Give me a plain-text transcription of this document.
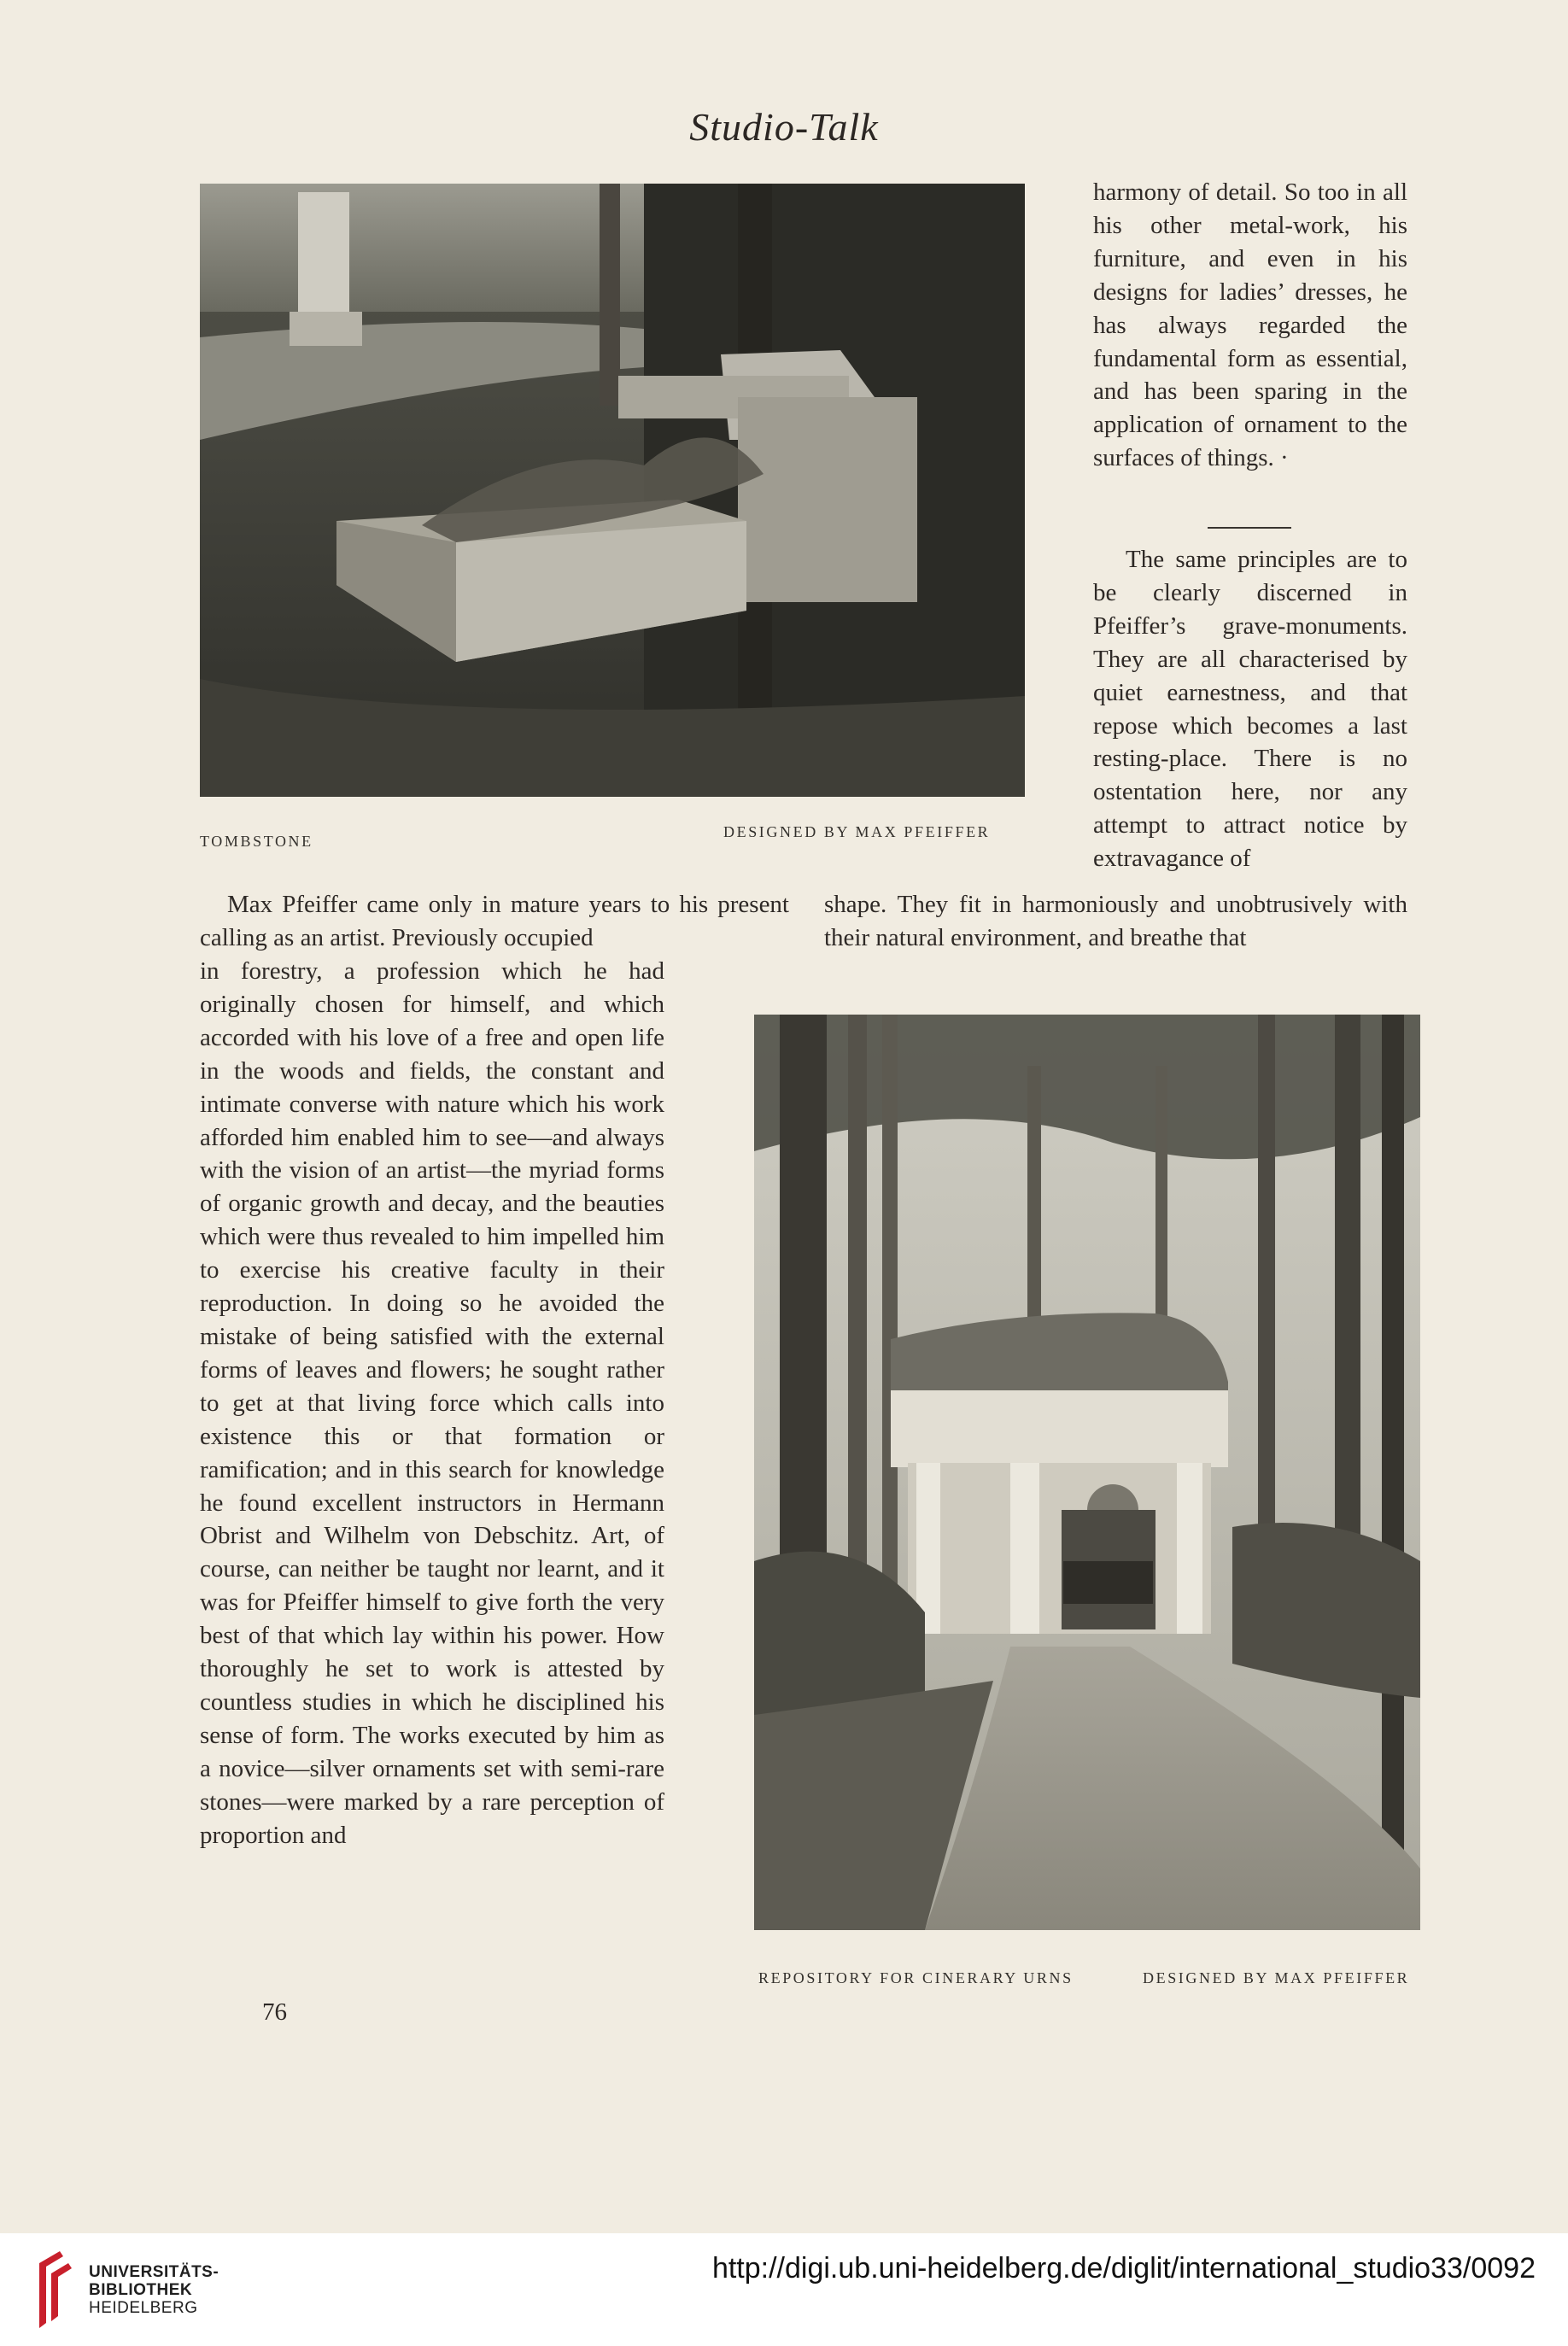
Studio-Talk
TOMBSTONE
DESIGNED BY MAX PFEIFFER

harmony of detail. So too in all his other metal-work, his furniture, and even in his designs for ladies’ dresses, he has always regarded the fundamental form as essential, and has been sparing in the application of ornament to the surfaces of things. ·

The same principles are to be clearly discerned in Pfeiffer’s grave-monuments. They are all characterised by quiet earnestness, and that repose which becomes a last resting-place. There is no ostentation here, nor any attempt to attract notice by extravagance of

Max Pfeiffer came only in mature years to his present calling as an artist. Previously occupied

shape. They fit in harmoniously and unobtrusively with their natural environment, and breathe that

in forestry, a profession which he had originally chosen for himself, and which accorded with his love of a free and open life in the woods and fields, the constant and intimate converse with nature which his work afforded him enabled him to see—and always with the vision of an artist—the myriad forms of organic growth and decay, and the beauties which were thus revealed to him impelled him to exercise his creative faculty in their reproduction. In doing so he avoided the mistake of being satisfied with the external forms of leaves and flowers; he sought rather to get at that living force which calls into existence this or that formation or ramification; and in this search for knowledge he found excellent instructors in Hermann Obrist and Wilhelm von Debschitz. Art, of course, can neither be taught nor learnt, and it was for Pfeiffer himself to give forth the very best of that which lay within his power. How thoroughly he set to work is attested by countless studies in which he disciplined his sense of form. The works executed by him as a novice—silver ornaments set with semi-rare stones—were marked by a rare perception of proportion and

REPOSITORY FOR CINERARY URNS	DESIGNED BY MAX PFEIFFER
76
UNIVERSITÄTS-
BIBLIOTHEK
HEIDELBERG
http://digi.ub.uni-heidelberg.de/diglit/international_studio33/0092
